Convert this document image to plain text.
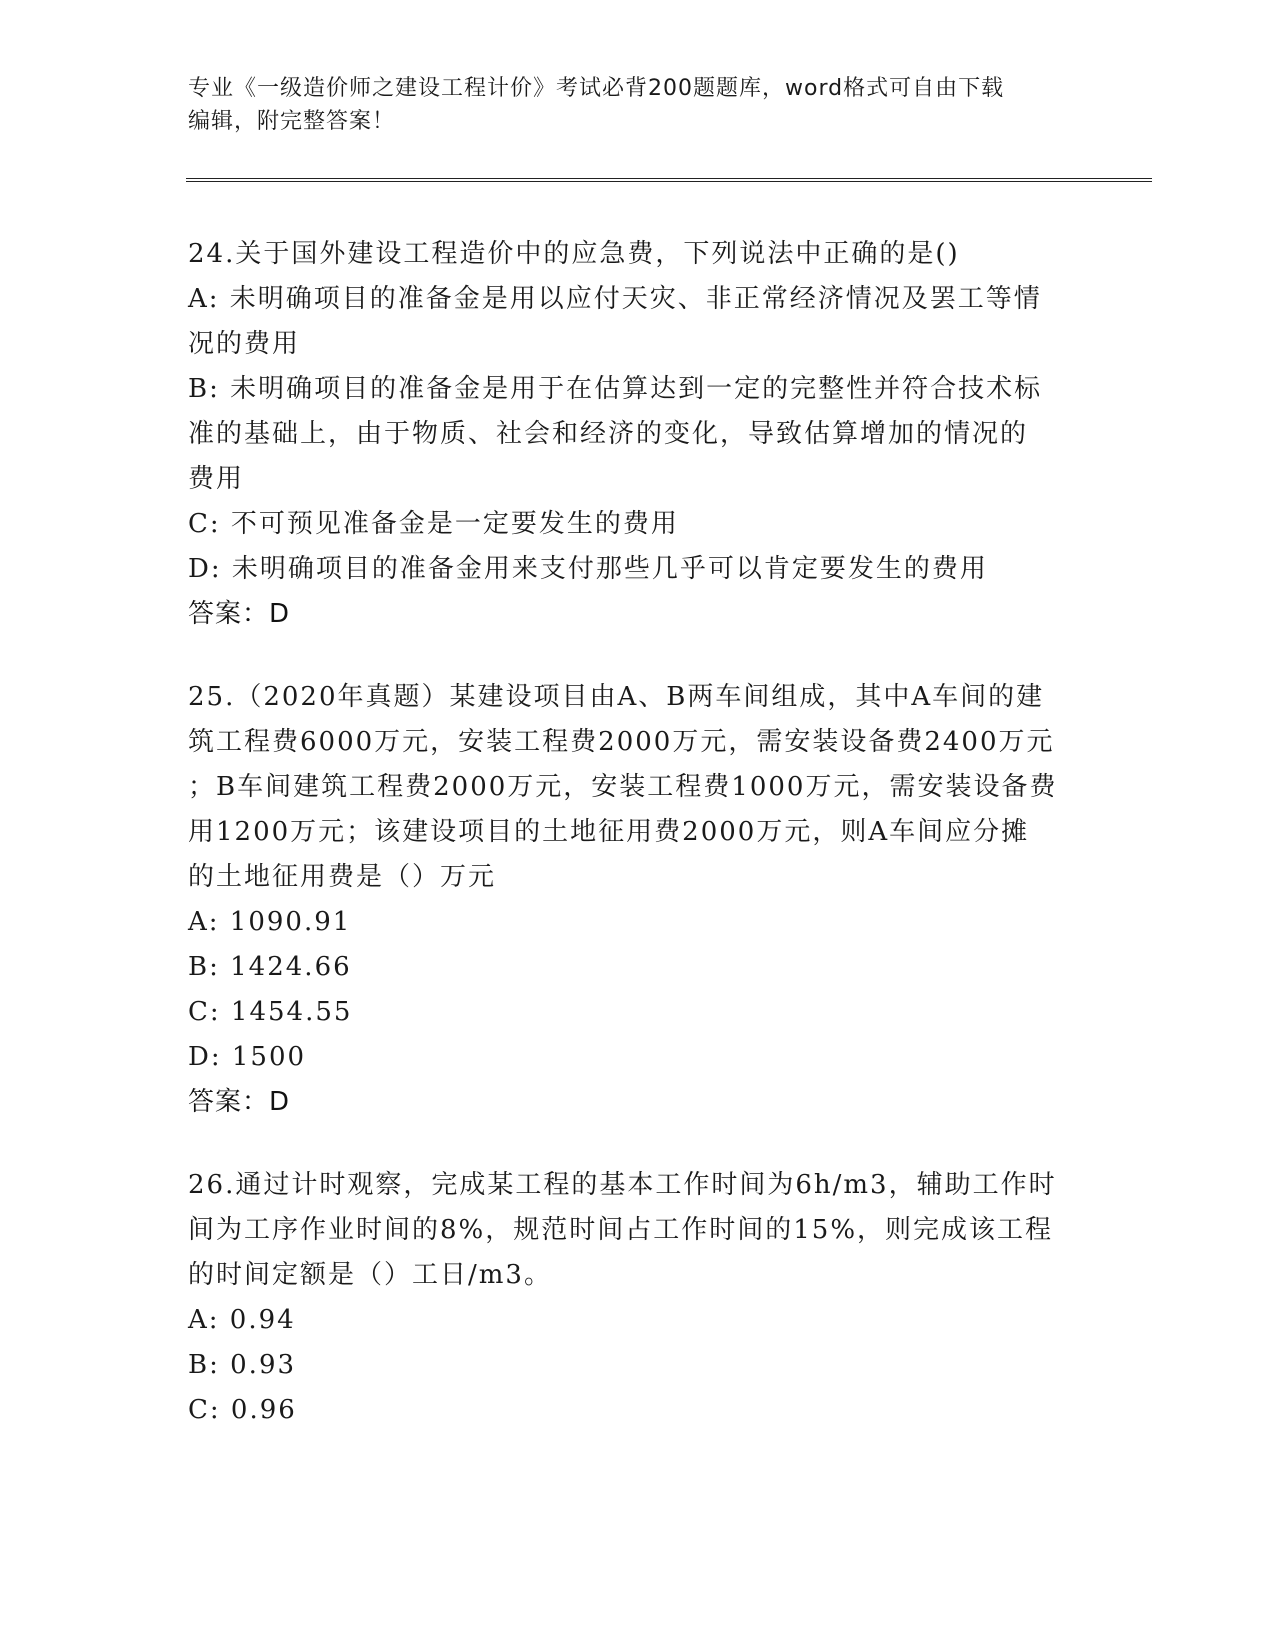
专业《一级造价师之建设工程计价》考试必背200题题库，word格式可自由下载
编辑，附完整答案！

24.关于国外建设工程造价中的应急费，下列说法中正确的是()

A: 未明确项目的准备金是用以应付天灾、非正常经济情况及罢工等情

况的费用

B: 未明确项目的准备金是用于在估算达到一定的完整性并符合技术标

准的基础上，由于物质、社会和经济的变化，导致估算增加的情况的

费用

C: 不可预见准备金是一定要发生的费用

D: 未明确项目的准备金用来支付那些几乎可以肯定要发生的费用

答案：D

25.（2020年真题）某建设项目由A、B两车间组成，其中A车间的建

筑工程费6000万元，安装工程费2000万元，需安装设备费2400万元

；B车间建筑工程费2000万元，安装工程费1000万元，需安装设备费

用1200万元；该建设项目的土地征用费2000万元，则A车间应分摊

的土地征用费是（）万元

A: 1090.91

B: 1424.66

C: 1454.55

D: 1500

答案：D

26.通过计时观察，完成某工程的基本工作时间为6h/m3，辅助工作时

间为工序作业时间的8%，规范时间占工作时间的15%，则完成该工程

的时间定额是（）工日/m3。

A: 0.94

B: 0.93

C: 0.96
